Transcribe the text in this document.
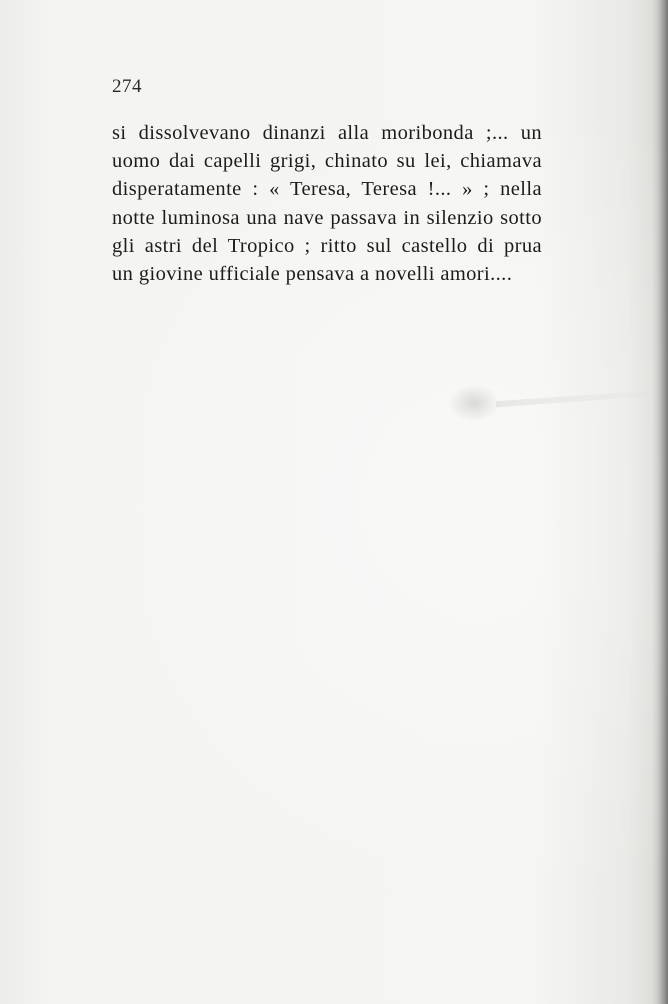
274
si dissolvevano dinanzi alla moribonda ;... un
uomo dai capelli grigi, chinato su lei, chiamava
disperatamente : « Teresa, Teresa !... » ; nella
notte luminosa una nave passava in silenzio sotto
gli astri del Tropico ; ritto sul castello di prua
un giovine ufficiale pensava a novelli amori....
